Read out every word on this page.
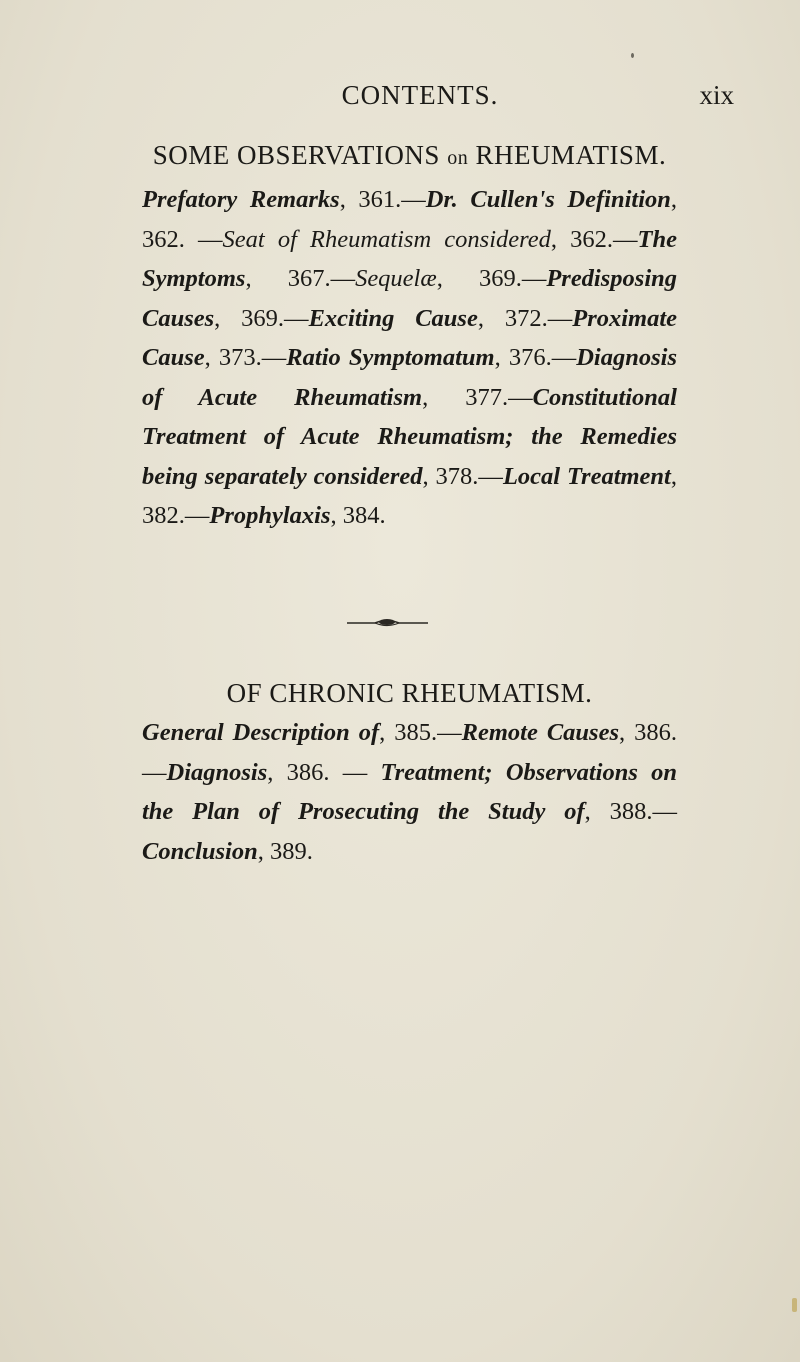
CONTENTS.	xix

SOME OBSERVATIONS on RHEUMATISM.

Prefatory Remarks, 361.—Dr. Cullen's Definition, 362. —Seat of Rheumatism considered, 362.—The Symptoms, 367.—Sequelæ, 369.—Predisposing Causes, 369.—Exciting Cause, 372.—Proximate Cause, 373.—Ratio Symptomatum, 376.—Diagnosis of Acute Rheumatism, 377.—Constitutional Treatment of Acute Rheumatism; the Remedies being separately considered, 378.—Local Treatment, 382.—Prophylaxis, 384.

OF CHRONIC RHEUMATISM.

General Description of, 385.—Remote Causes, 386.—Diagnosis, 386. — Treatment; Observations on the Plan of Prosecuting the Study of, 388.—Conclusion, 389.
